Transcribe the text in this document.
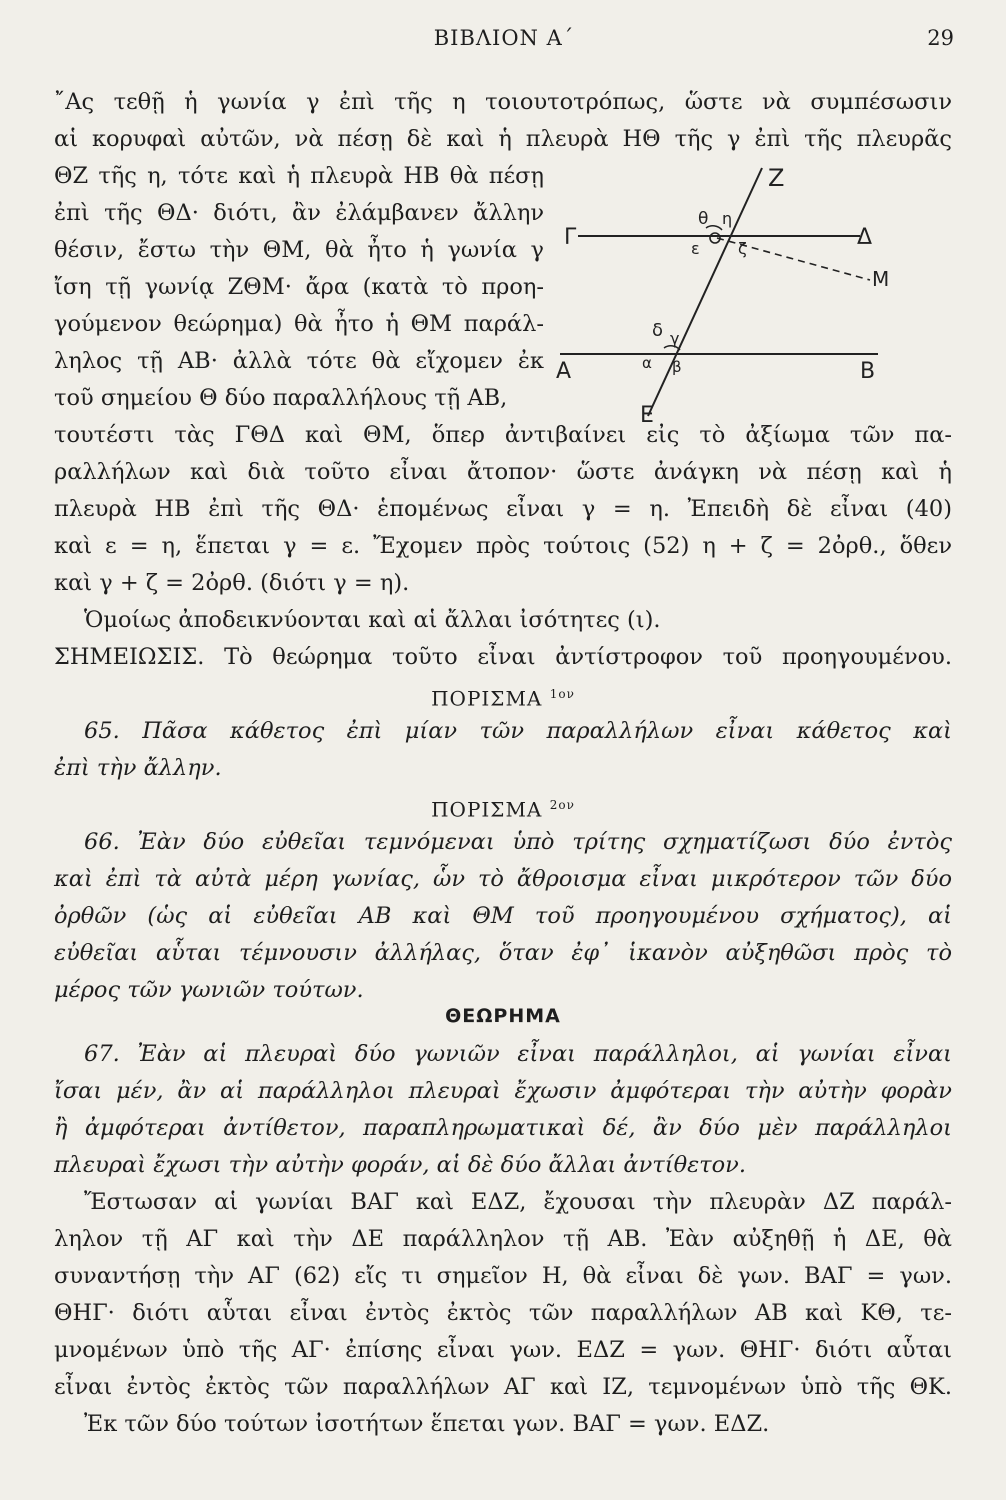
ΒΙΒΛΙΟΝ Α΄	29
῎Ας τεθῇ ἡ γωνία γ ἐπὶ τῆς η τοιουτοτρόπως, ὥστε νὰ συμπέσωσιν
αἱ κορυφαὶ αὐτῶν, νὰ πέσῃ δὲ καὶ ἡ πλευρὰ ΗΘ τῆς γ ἐπὶ τῆς πλευρᾶς
ΘΖ τῆς η, τότε καὶ ἡ πλευρὰ ΗΒ θὰ πέσῃ
ἐπὶ τῆς ΘΔ· διότι, ἂν ἐλάμβανεν ἄλλην
θέσιν, ἔστω τὴν ΘΜ, θὰ ἦτο ἡ γωνία γ
ἴση τῇ γωνίᾳ ΖΘΜ· ἄρα (κατὰ τὸ προη-
γούμενον θεώρημα) θὰ ἦτο ἡ ΘΜ παράλ-
ληλος τῇ ΑΒ· ἀλλὰ τότε θὰ εἴχομεν ἐκ
τοῦ σημείου Θ δύο παραλλήλους τῇ ΑΒ,
τουτέστι τὰς ΓΘΔ καὶ ΘΜ, ὅπερ ἀντιβαίνει εἰς τὸ ἀξίωμα τῶν πα-
ραλλήλων καὶ διὰ τοῦτο εἶναι ἄτοπον· ὥστε ἀνάγκη νὰ πέσῃ καὶ ἡ
πλευρὰ ΗΒ ἐπὶ τῆς ΘΔ· ἑπομένως εἶναι γ = η. Ἐπειδὴ δὲ εἶναι (40)
καὶ ε = η, ἕπεται γ = ε. Ἔχομεν πρὸς τούτοις (52) η + ζ = 2ὀρθ., ὅθεν
καὶ γ + ζ = 2ὀρθ. (διότι γ = η).
Ὁμοίως ἀποδεικνύονται καὶ αἱ ἄλλαι ἰσότητες (ι).
ΣΗΜΕΙΩΣΙΣ. Τὸ θεώρημα τοῦτο εἶναι ἀντίστροφον τοῦ προηγουμένου.
ΠΟΡΙΣΜΑ $^{1o\nu}$
65. Πᾶσα κάθετος ἐπὶ μίαν τῶν παραλλήλων εἶναι κάθετος καὶ
ἐπὶ τὴν ἄλλην.
ΠΟΡΙΣΜΑ $^{2o\nu}$
66. Ἐὰν δύο εὐθεῖαι τεμνόμεναι ὑπὸ τρίτης σχηματίζωσι δύο ἐντὸς
καὶ ἐπὶ τὰ αὐτὰ μέρη γωνίας, ὧν τὸ ἄθροισμα εἶναι μικρότερον τῶν δύο
ὀρθῶν (ὡς αἱ εὐθεῖαι ΑΒ καὶ ΘΜ τοῦ προηγουμένου σχήματος), αἱ
εὐθεῖαι αὗται τέμνουσιν ἀλλήλας, ὅταν ἐφ᾽ ἱκανὸν αὐξηθῶσι πρὸς τὸ
μέρος τῶν γωνιῶν τούτων.
ΘΕΩΡΗΜΑ
67. Ἐὰν αἱ πλευραὶ δύο γωνιῶν εἶναι παράλληλοι, αἱ γωνίαι εἶναι
ἴσαι μέν, ἂν αἱ παράλληλοι πλευραὶ ἔχωσιν ἀμφότεραι τὴν αὐτὴν φορὰν
ἢ ἀμφότεραι ἀντίθετον, παραπληρωματικαὶ δέ, ἂν δύο μὲν παράλληλοι
πλευραὶ ἔχωσι τὴν αὐτὴν φοράν, αἱ δὲ δύο ἄλλαι ἀντίθετον.
Ἔστωσαν αἱ γωνίαι ΒΑΓ καὶ ΕΔΖ, ἔχουσαι τὴν πλευρὰν ΔΖ παράλ-
ληλον τῇ ΑΓ καὶ τὴν ΔΕ παράλληλον τῇ ΑΒ. Ἐὰν αὐξηθῇ ἡ ΔΕ, θὰ
συναντήσῃ τὴν ΑΓ (62) εἴς τι σημεῖον Η, θὰ εἶναι δὲ γων. ΒΑΓ = γων.
ΘΗΓ· διότι αὗται εἶναι ἐντὸς ἐκτὸς τῶν παραλλήλων ΑΒ καὶ ΚΘ, τε-
μνομένων ὑπὸ τῆς ΑΓ· ἐπίσης εἶναι γων. ΕΔΖ = γων. ΘΗΓ· διότι αὗται
εἶναι ἐντὸς ἐκτὸς τῶν παραλλήλων ΑΓ καὶ ΙΖ, τεμνομένων ὑπὸ τῆς ΘΚ.
Ἐκ τῶν δύο τούτων ἰσοτήτων ἕπεται γων. ΒΑΓ = γων. ΕΔΖ.
Z
Γ	Δ
θ η
ε ζ
M
δ γ
A	α β	B
E
